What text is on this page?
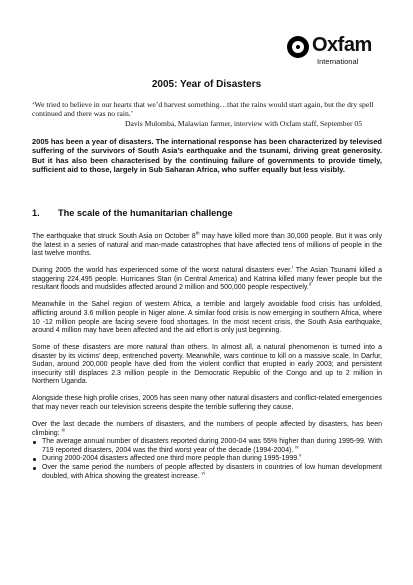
Oxfam
International
2005: Year of Disasters
‘We tried to believe in our hearts that we’d harvest something…that the rains would start again, but the dry spell continued and there was no rain.’
Davis Mulomba, Malawian farmer, interview with Oxfam staff, September 05
2005 has been a year of disasters. The international response has been characterized by televised suffering of the survivors of South Asia’s earthquake and the tsunami, driving great generosity. But it has also been characterised by the continuing failure of governments to provide timely, sufficient aid to those, largely in Sub Saharan Africa, who suffer equally but less visibly.
1. The scale of the humanitarian challenge

The earthquake that struck South Asia on October 8th may have killed more than 30,000 people. But it was only the latest in a series of natural and man-made catastrophes that have affected tens of millions of people in the last twelve months.

During 2005 the world has experienced some of the worst natural disasters ever.$^i$ The Asian Tsunami killed a staggering 224,495 people. Hurricanes Stan (in Central America) and Katrina killed many fewer people but the resultant floods and mudslides affected around 2 million and 500,000 people respectively.$^{ii}$

Meanwhile in the Sahel region of western Africa, a terrible and largely avoidable food crisis has unfolded, afflicting around 3.6 million people in Niger alone. A similar food crisis is now emerging in southern Africa, where 10 -12 million people are facing severe food shortages. In the most recent crisis, the South Asia earthquake, around 4 million may have been affected and the aid effort is only just beginning.

Some of these disasters are more natural than others. In almost all, a natural phenomenon is turned into a disaster by its victims’ deep, entrenched poverty. Meanwhile, wars continue to kill on a massive scale. In Darfur, Sudan, around 200,000 people have died from the violent conflict that erupted in early 2003; and persistent insecurity still displaces 2.3 million people in the Democratic Republic of the Congo and up to 2 million in Northern Uganda.

Alongside these high profile crises, 2005 has seen many other natural disasters and conflict-related emergencies that may never reach our television screens despite the terrible suffering they cause.

Over the last decade the numbers of disasters, and the numbers of people affected by disasters, has been climbing: $^{iii}$

The average annual number of disasters reported during 2000-04 was 55% higher than during 1995-99. With 719 reported disasters, 2004 was the third worst year of the decade (1994-2004). $^{iv}$
During 2000-2004 disasters affected one third more people than during 1995-1999.$^v$
Over the same period the numbers of people affected by disasters in countries of low human development doubled, with Africa showing the greatest increase. $^{vi}$
